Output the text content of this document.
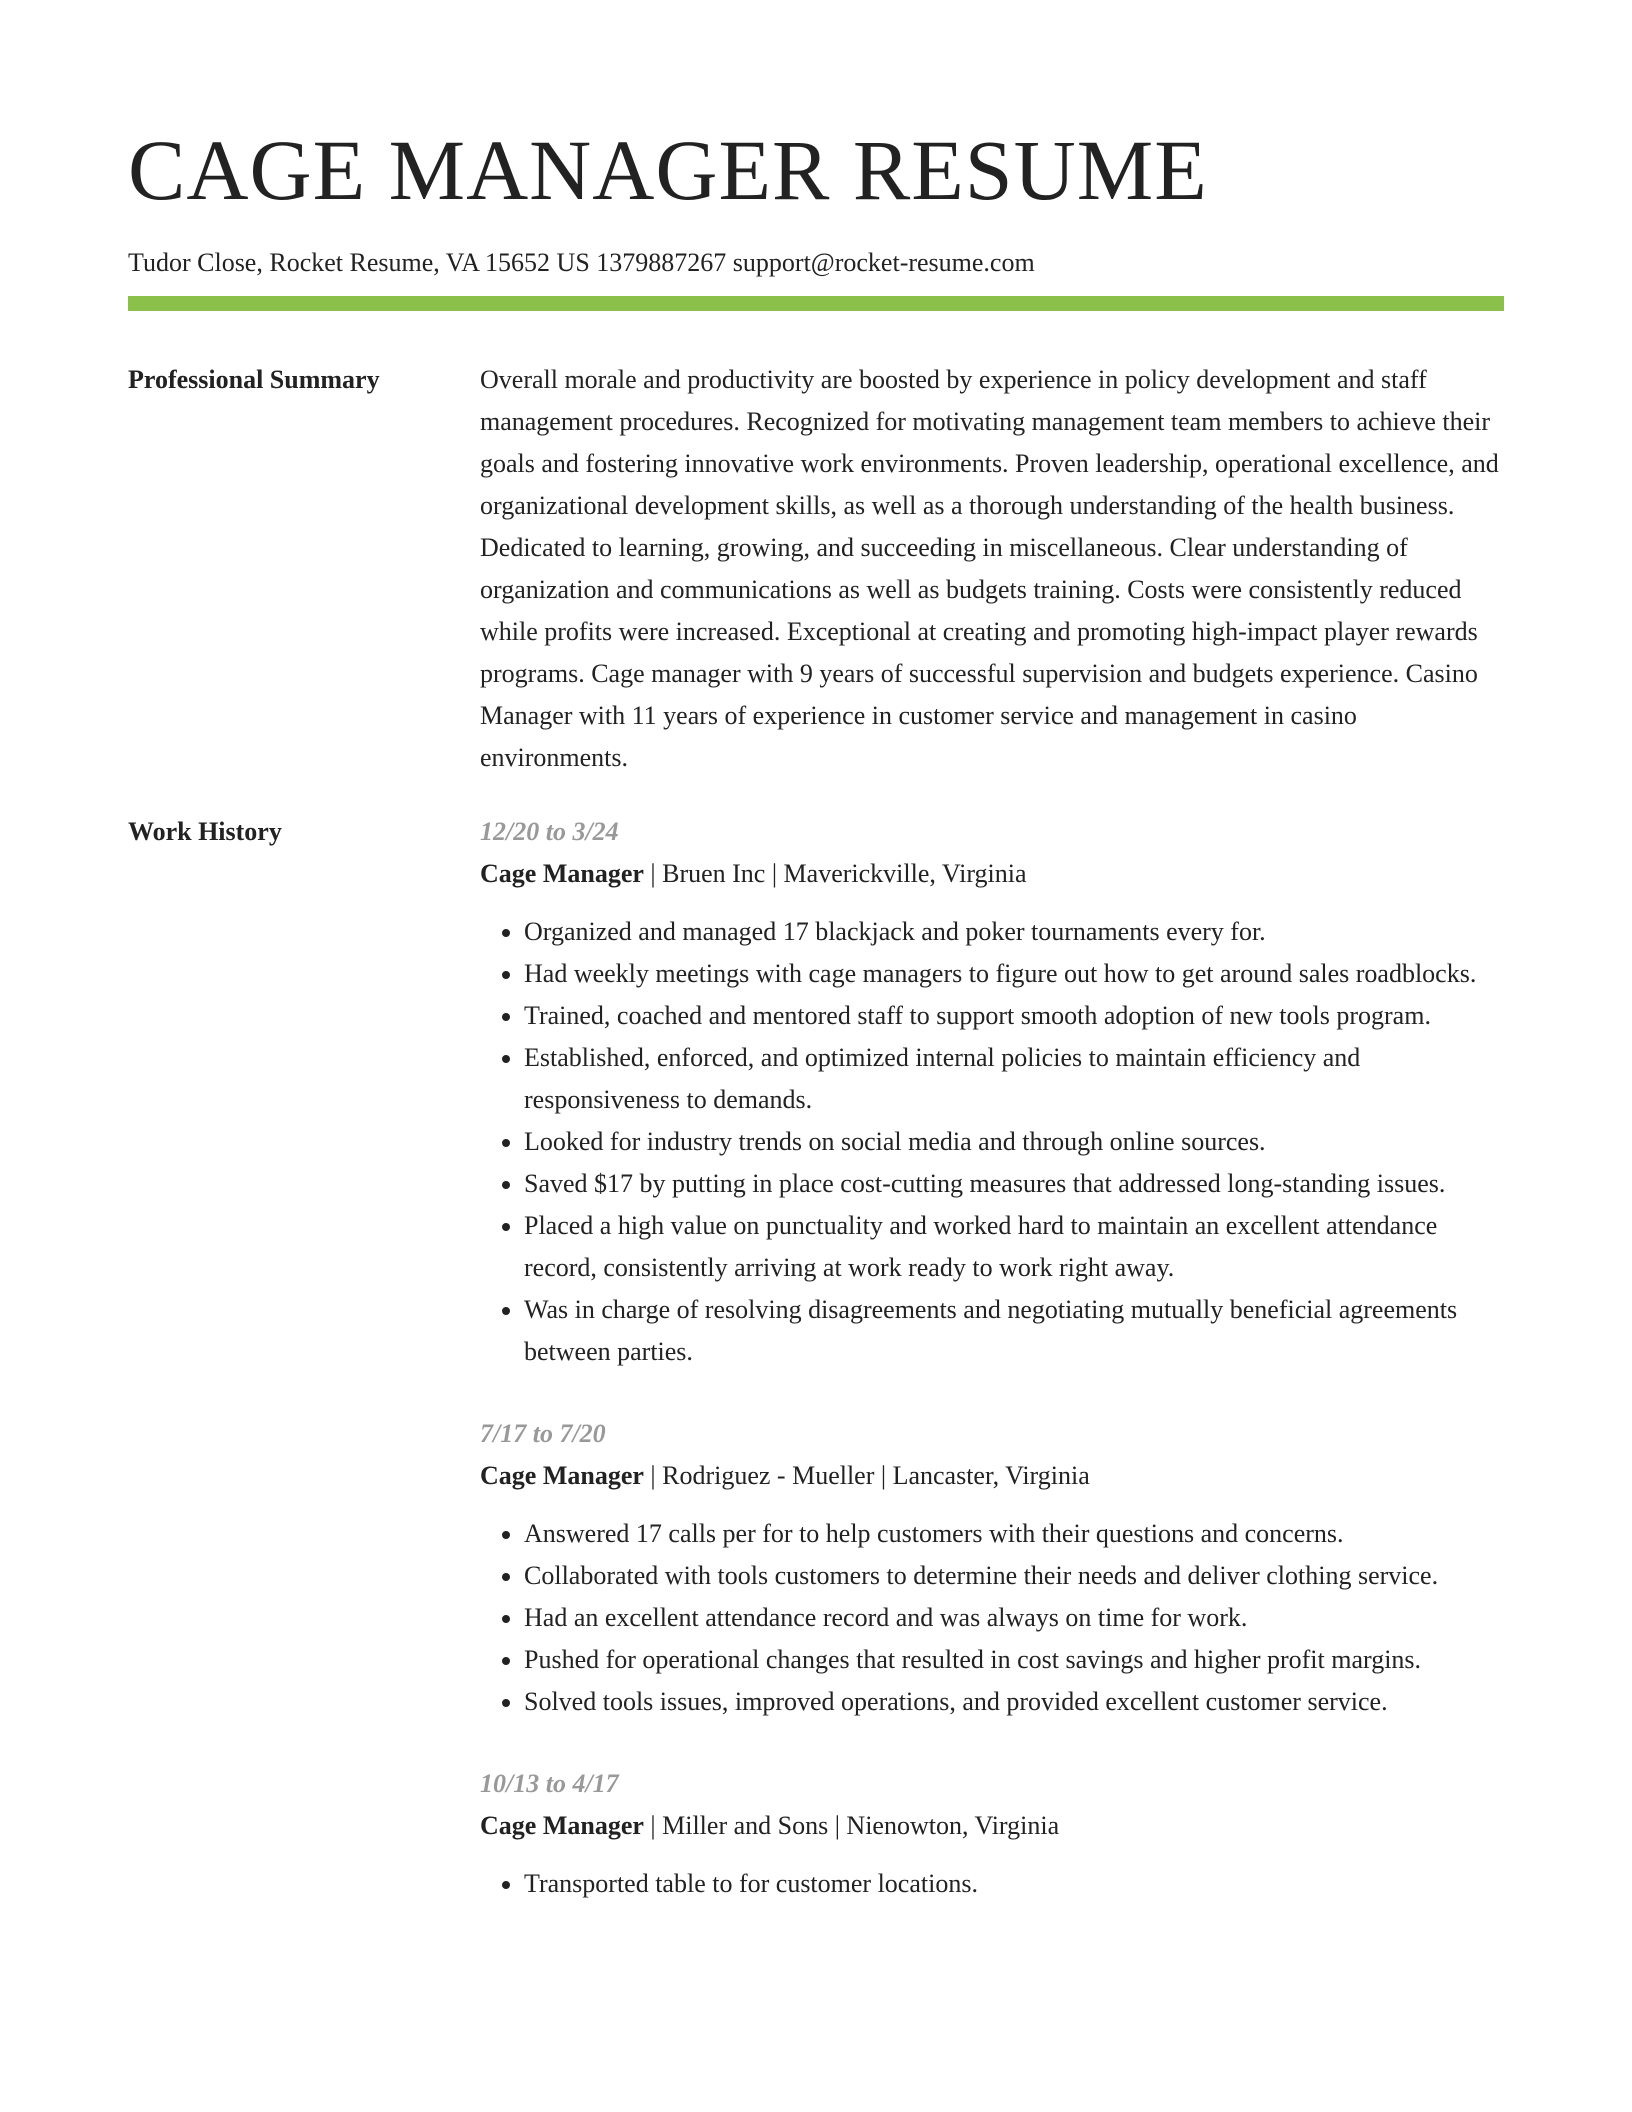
CAGE MANAGER RESUME
Tudor Close, Rocket Resume, VA 15652 US 1379887267 support@rocket-resume.com
Professional Summary	Overall morale and productivity are boosted by experience in policy development and staff management procedures. Recognized for motivating management team members to achieve their goals and fostering innovative work environments. Proven leadership, operational excellence, and organizational development skills, as well as a thorough understanding of the health business. Dedicated to learning, growing, and succeeding in miscellaneous. Clear understanding of organization and communications as well as budgets training. Costs were consistently reduced while profits were increased. Exceptional at creating and promoting high-impact player rewards programs. Cage manager with 9 years of successful supervision and budgets experience. Casino Manager with 11 years of experience in customer service and management in casino environments.

Work History	12/20 to 3/24
Cage Manager | Bruen Inc | Maverickville, Virginia
• Organized and managed 17 blackjack and poker tournaments every for.
• Had weekly meetings with cage managers to figure out how to get around sales roadblocks.
• Trained, coached and mentored staff to support smooth adoption of new tools program.
• Established, enforced, and optimized internal policies to maintain efficiency and responsiveness to demands.
• Looked for industry trends on social media and through online sources.
• Saved $17 by putting in place cost-cutting measures that addressed long-standing issues.
• Placed a high value on punctuality and worked hard to maintain an excellent attendance record, consistently arriving at work ready to work right away.
• Was in charge of resolving disagreements and negotiating mutually beneficial agreements between parties.
7/17 to 7/20
Cage Manager | Rodriguez - Mueller | Lancaster, Virginia
• Answered 17 calls per for to help customers with their questions and concerns.
• Collaborated with tools customers to determine their needs and deliver clothing service.
• Had an excellent attendance record and was always on time for work.
• Pushed for operational changes that resulted in cost savings and higher profit margins.
• Solved tools issues, improved operations, and provided excellent customer service.
10/13 to 4/17
Cage Manager | Miller and Sons | Nienowton, Virginia
• Transported table to for customer locations.
